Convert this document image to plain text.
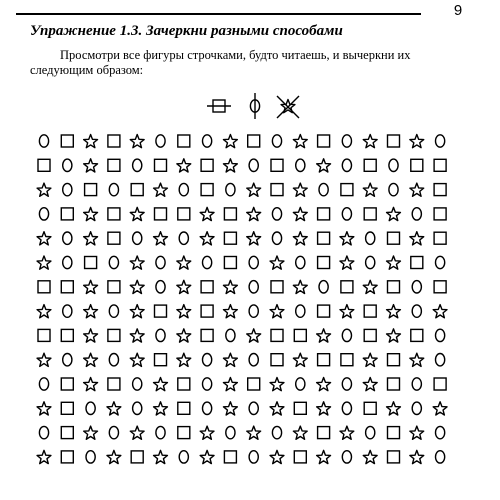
9
Упражнение 1.3. Зачеркни разными способами
Просмотри все фигуры строчками, будто читаешь, и вычеркни их следующим образом:
